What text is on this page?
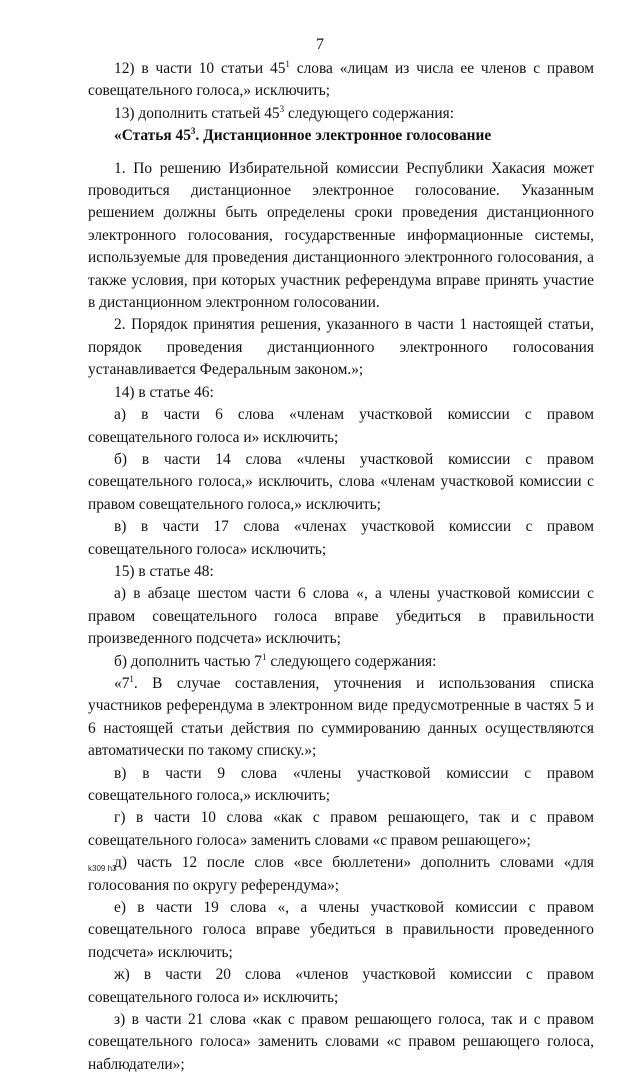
7

12) в части 10 статьи $45^1$ слова «лицам из числа ее членов с правом совещательного голоса,» исключить;

13) дополнить статьей $45^3$ следующего содержания:

«Статья $45^3$. Дистанционное электронное голосование

1. По решению Избирательной комиссии Республики Хакасия может проводиться дистанционное электронное голосование. Указанным решением должны быть определены сроки проведения дистанционного электронного голосования, государственные информационные системы, используемые для проведения дистанционного электронного голосования, а также условия, при которых участник референдума вправе принять участие в дистанционном электронном голосовании.

2. Порядок принятия решения, указанного в части 1 настоящей статьи, порядок проведения дистанционного электронного голосования устанавливается Федеральным законом.»;

14) в статье 46:

а) в части 6 слова «членам участковой комиссии с правом совещательного голоса и» исключить;

б) в части 14 слова «члены участковой комиссии с правом совещательного голоса,» исключить, слова «членам участковой комиссии с правом совещательного голоса,» исключить;

в) в части 17 слова «членах участковой комиссии с правом совещательного голоса» исключить;

15) в статье 48:

а) в абзаце шестом части 6 слова «, а члены участковой комиссии с правом совещательного голоса вправе убедиться в правильности произведенного подсчета» исключить;

б) дополнить частью $7^1$ следующего содержания:

«$7^1$. В случае составления, уточнения и использования списка участников референдума в электронном виде предусмотренные в частях 5 и 6 настоящей статьи действия по суммированию данных осуществляются автоматически по такому списку.»;

в) в части 9 слова «члены участковой комиссии с правом совещательного голоса,» исключить;

г) в части 10 слова «как с правом решающего, так и с правом совещательного голоса» заменить словами «с правом решающего»;

д) часть 12 после слов «все бюллетени» дополнить словами «для голосования по округу референдума»;

е) в части 19 слова «, а члены участковой комиссии с правом совещательного голоса вправе убедиться в правильности проведенного подсчета» исключить;

ж) в части 20 слова «членов участковой комиссии с правом совещательного голоса и» исключить;

з) в части 21 слова «как с правом решающего голоса, так и с правом совещательного голоса» заменить словами «с правом решающего голоса, наблюдатели»;

k309 h3
